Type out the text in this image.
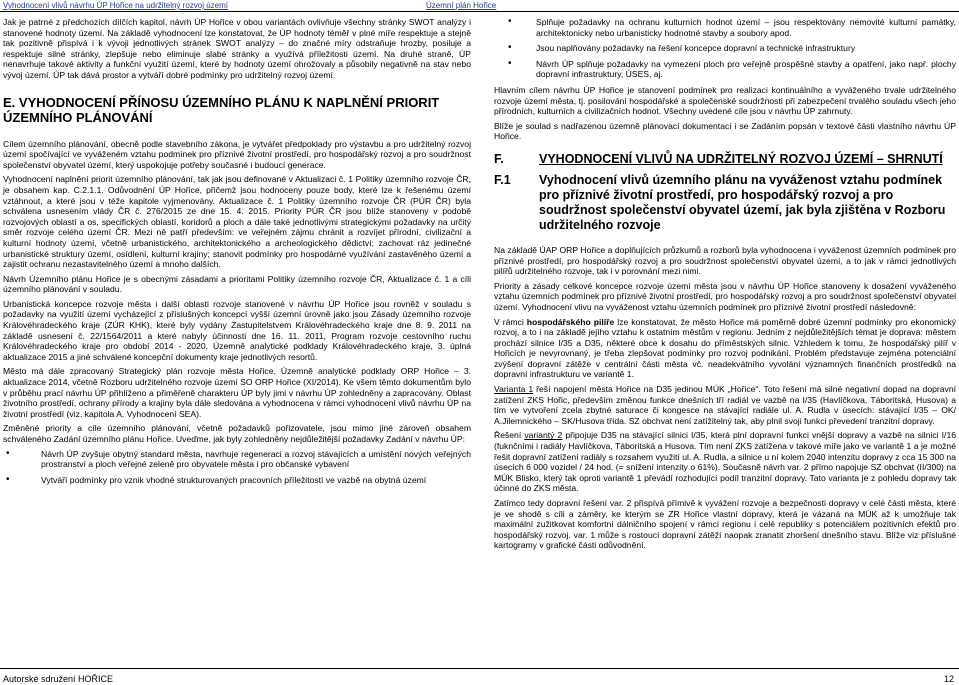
Vyhodnocení vlivů návrhu ÚP Hořice na udržitelný rozvoj území	Územní plán Hořice

Jak je patrné z předchozích dílčích kapitol, návrh ÚP Hořice v obou variantách ovlivňuje všechny stránky SWOT analýzy i stanovené hodnoty území. Na základě vyhodnocení lze konstatovat, že ÚP hodnoty téměř v plné míře respektuje a stejně tak pozitivně přispívá i k vývoji jednotlivých stránek SWOT analýzy – do značné míry odstraňuje hrozby, posiluje a respektuje silné stránky, zlepšuje nebo eliminuje slabé stránky a využívá příležitosti území. Na druhé straně, ÚP nenavrhuje takové aktivity a funkční využití území, které by hodnoty území ohrožovaly a působily negativně na stav nebo vývoj území. ÚP tak dává prostor a vytváří dobré podmínky pro udržitelný rozvoj území.

E. VYHODNOCENÍ PŘÍNOSU ÚZEMNÍHO PLÁNU K NAPLNĚNÍ PRIORIT ÚZEMNÍHO PLÁNOVÁNÍ

Cílem územního plánování, obecně podle stavebního zákona, je vytvářet předpoklady pro výstavbu a pro udržitelný rozvoj území spočívající ve vyváženém vztahu podmínek pro příznivé životní prostředí, pro hospodářský rozvoj a pro soudržnost společenství obyvatel území, který uspokojuje potřeby současné i budoucí generace.

Vyhodnocení naplnění priorit územního plánování, tak jak jsou definované v Aktualizaci č. 1 Politiky územního rozvoje ČR, je obsahem kap. C.2.1.1. Odůvodnění ÚP Hořice, přičemž jsou hodnoceny pouze body, které lze k řešenému území vztáhnout, a které jsou v téže kapitole vyjmenovány. Aktualizace č. 1 Politiky územního rozvoje ČR (PÚR ČR) byla schválena usnesením vlády ČR č. 276/2015 ze dne 15. 4. 2015. Priority PÚR ČR jsou blíže stanoveny v podobě rozvojových oblastí a os, specifických oblastí, koridorů a ploch a dále také jednotlivými strategickými požadavky na určitý směr rozvoje celého území ČR. Mezi ně patří především: ve veřejném zájmu chránit a rozvíjet přírodní, civilizační a kulturní hodnoty území, včetně urbanistického, architektonického a archeologického dědictví; zachovat ráz jedinečné urbanistické struktury území, osídlení, kulturní krajiny; stanovit podmínky pro hospodárné využívání zastavěného území a zajistit ochranu nezastavitelného území a mnoho dalších.

Návrh Územního plánu Hořice je s obecnými zásadami a prioritami Politiky územního rozvoje ČR, Aktualizace č. 1 a cíli územního plánování v souladu.

Urbanistická koncepce rozvoje města i další oblasti rozvoje stanovené v návrhu ÚP Hořice jsou rovněž v souladu s požadavky na využití území vycházející z příslušných koncepcí vyšší územní úrovně jako jsou Zásady územního rozvoje Královéhradeckého kraje (ZÚR KHK), které byly vydány Zastupitelstvem Královéhradeckého kraje dne 8. 9. 2011 na základě usnesení č. 22/1564/2011 a které nabyly účinnosti dne 16. 11. 2011, Program rozvoje cestovního ruchu Královéhradeckého kraje pro období 2014 - 2020, Územně analytické podklady Královéhradeckého kraje, 3. úplná aktualizace 2015 a jiné schválené koncepční dokumenty kraje jednotlivých resortů.

Město má dále zpracovaný Strategický plán rozvoje města Hořice, Územně analytické podklady ORP Hořice – 3. aktualizace 2014, včetně Rozboru udržitelného rozvoje území SO ORP Hořice (XI/2014). Ke všem těmto dokumentům bylo v průběhu prací návrhu ÚP přihlíženo a přiměřeně charakteru ÚP byly jimi v návrhu ÚP zohledněny a zapracovány. Oblast životního prostředí, ochrany přírody a krajiny byla dále sledována a vyhodnocena v rámci vyhodnocení vlivů návrhu ÚP na životní prostředí (viz. kapitola A. Vyhodnocení SEA).

Změněné priority a cíle územního plánování, včetně požadavků pořizovatele, jsou mimo jiné zároveň obsahem schváleného Zadání územního plánu Hořice. Uveďme, jak byly zohledněny nejdůležitější požadavky Zadání v návrhu ÚP:

• Návrh ÚP zvyšuje obytný standard města, navrhuje regeneraci a rozvoj stávajících a umístění nových veřejných prostranství a ploch veřejné zeleně pro obyvatele města i pro občanské vybavení
• Vytváří podmínky pro vznik vhodné strukturovaných pracovních příležitostí ve vazbě na obytná území
• Splňuje požadavky na ochranu kulturních hodnot území – jsou respektovány nemovité kulturní památky, architektonicky nebo urbanisticky hodnotné stavby a soubory apod.
• Jsou naplňovány požadavky na řešení koncepce dopravní a technické infrastruktury
• Návrh ÚP splňuje požadavky na vymezení ploch pro veřejně prospěšné stavby a opatření, jako např. plochy dopravní infrastruktury, ÚSES, aj.

Hlavním cílem návrhu ÚP Hořice je stanovení podmínek pro realizaci kontinuálního a vyváženého trvale udržitelného rozvoje území města, tj. posilování hospodářské a společenské soudržnosti při zabezpečení trvalého souladu všech jeho přírodních, kulturních a civilizačních hodnot. Všechny uvedené cíle jsou v návrhu ÚP zahrnuty.

Blíže je soulad s nadřazenou územně plánovací dokumentací i se Zadáním popsán v textové části vlastního návrhu ÚP Hořice.

F.	VYHODNOCENÍ VLIVŮ NA UDRŽITELNÝ ROZVOJ ÚZEMÍ – SHRNUTÍ
F.1	Vyhodnocení vlivů územního plánu na vyváženost vztahu podmínek pro příznivé životní prostředí, pro hospodářský rozvoj a pro soudržnost společenství obyvatel území, jak byla zjištěna v Rozboru udržitelného rozvoje

Na základě ÚAP ORP Hořice a doplňujících průzkumů a rozborů byla vyhodnocena i vyváženost územních podmínek pro příznivé prostředí, pro hospodářský rozvoj a pro soudržnost společenství obyvatel území, a to jak v rámci jednotlivých pilířů udržitelného rozvoje, tak i v porovnání mezi nimi.

Priority a zásady celkové koncepce rozvoje území města jsou v návrhu ÚP Hořice stanoveny k dosažení vyváženého vztahu územních podmínek pro příznivé životní prostředí, pro hospodářský rozvoj a pro soudržnost společenství obyvatel území. Vyhodnocení vlivu na vyváženost vztahu územních podmínek pro příznivé životní prostředí následovně:

V rámci hospodářského pilíře lze konstatovat, že město Hořice má poměrně dobré územní podmínky pro ekonomický rozvoj, a to i na základě jejího vztahu k ostatním městům v regionu. Jedním z nejdůležitějších témat je doprava: městem prochází silnice I/35 a D35, některé obce k dosahu do příměstských silnic. Vzhledem k tomu, že hospodářský pilíř v Hořicích je nevyrovnaný, je třeba zlepšovat podmínky pro rozvoj podnikání. Problém představuje zejména potenciální zvýšení dopravní zátěže v centrální části města vč. neadekvátního vyvolání významných finančních prostředků na dopravní infrastrukturu ve variantě 1.

Varianta 1 řeší napojení města Hořice na D35 jedinou MÚK „Hořice“. Toto řešení má silné negativní dopad na dopravní zatížení ZKS Hořic, především změnou funkce dnešních tří radiál ve vazbě na I/35 (Havlíčkova, Táboritská, Husova) a tím ve vytvoření zcela zbytné saturace či kongesce na stávající radiále ul. A. Rudla v úsecích: stávající I/35 – OK/ A.Jilemnického – SK/Husova třída. SZ obchvat není zatížitelný tak, aby plnil svoji funkci převedení tranzitní dopravy.

Řešení variantý 2 připojuje D35 na stávající silnici I/35, která plní dopravní funkci vnější dopravy a vazbě na silnici I/16 (fuknčními i radiály Havlíčkova, Táboritská a Husova. Tím není ZKS zatížena v takové míře jako ve variantě 1 a je možné řešit dopravní zatížení radiály s rozsahem využití ul. A. Rudla, a silnice u ní kolem 2040 intenzitu dopravy z cca 15 300 na úsecích 6 000 vozidel / 24 hod. (= snížení intenzity o 61%). Současně návrh var. 2 přímo napojuje SZ obchvat (II/300) na MÚK Blisko, který tak oproti variantě 1 převádí rozhodující podíl tranzitní dopravy. Tato varianta je z pohledu dopravy tak účinné do ZKS města.

Zatímco tedy dopravní řešení var. 2 přispívá přímivě k vyvážení rozvoje a bezpečnosti dopravy v celé části města, které je ve shodě s cíli a záměry, ke kterým se ZR Hořice vlastní dopravy, která je vázaná na MÚK až k umožňuje tak maximální zužitkovat komfortní dálničního spojení v rámci regionu i celé republiky s potenciálem pozitivních efektů pro hospodářský rozvoj. var. 1 může s rostoucí dopravní zátěží naopak zranatit zhoršení dnešního stavu. Blíže viz příslušné kartogramy v grafické části odůvodnění.

Autorské sdružení HOŘICE	12
